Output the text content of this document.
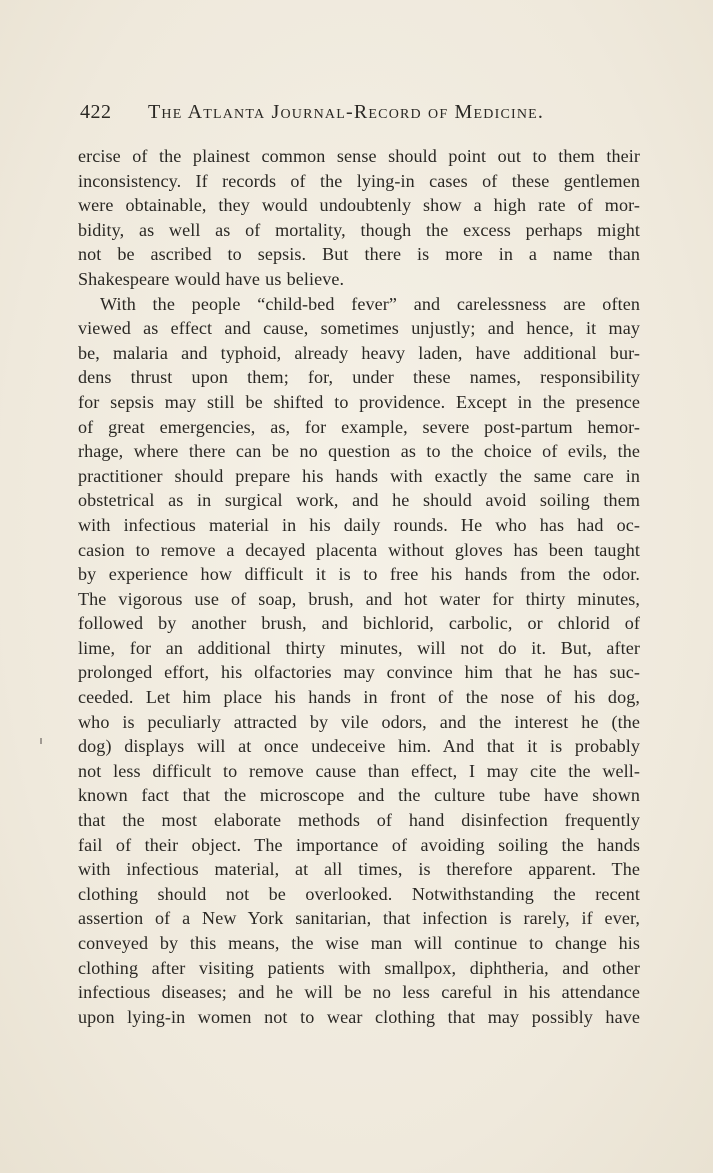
422 The Atlanta Journal-Record of Medicine.
ercise of the plainest common sense should point out to them their
inconsistency. If records of the lying-in cases of these gentlemen
were obtainable, they would undoubtenly show a high rate of mor-
bidity, as well as of mortality, though the excess perhaps might
not be ascribed to sepsis. But there is more in a name than
Shakespeare would have us believe.
With the people “child-bed fever” and carelessness are often
viewed as effect and cause, sometimes unjustly; and hence, it may
be, malaria and typhoid, already heavy laden, have additional bur-
dens thrust upon them; for, under these names, responsibility
for sepsis may still be shifted to providence. Except in the presence
of great emergencies, as, for example, severe post-partum hemor-
rhage, where there can be no question as to the choice of evils, the
practitioner should prepare his hands with exactly the same care in
obstetrical as in surgical work, and he should avoid soiling them
with infectious material in his daily rounds. He who has had oc-
casion to remove a decayed placenta without gloves has been taught
by experience how difficult it is to free his hands from the odor.
The vigorous use of soap, brush, and hot water for thirty minutes,
followed by another brush, and bichlorid, carbolic, or chlorid of
lime, for an additional thirty minutes, will not do it. But, after
prolonged effort, his olfactories may convince him that he has suc-
ceeded. Let him place his hands in front of the nose of his dog,
who is peculiarly attracted by vile odors, and the interest he (the
dog) displays will at once undeceive him. And that it is probably
not less difficult to remove cause than effect, I may cite the well-
known fact that the microscope and the culture tube have shown
that the most elaborate methods of hand disinfection frequently
fail of their object. The importance of avoiding soiling the hands
with infectious material, at all times, is therefore apparent. The
clothing should not be overlooked. Notwithstanding the recent
assertion of a New York sanitarian, that infection is rarely, if ever,
conveyed by this means, the wise man will continue to change his
clothing after visiting patients with smallpox, diphtheria, and other
infectious diseases; and he will be no less careful in his attendance
upon lying-in women not to wear clothing that may possibly have
